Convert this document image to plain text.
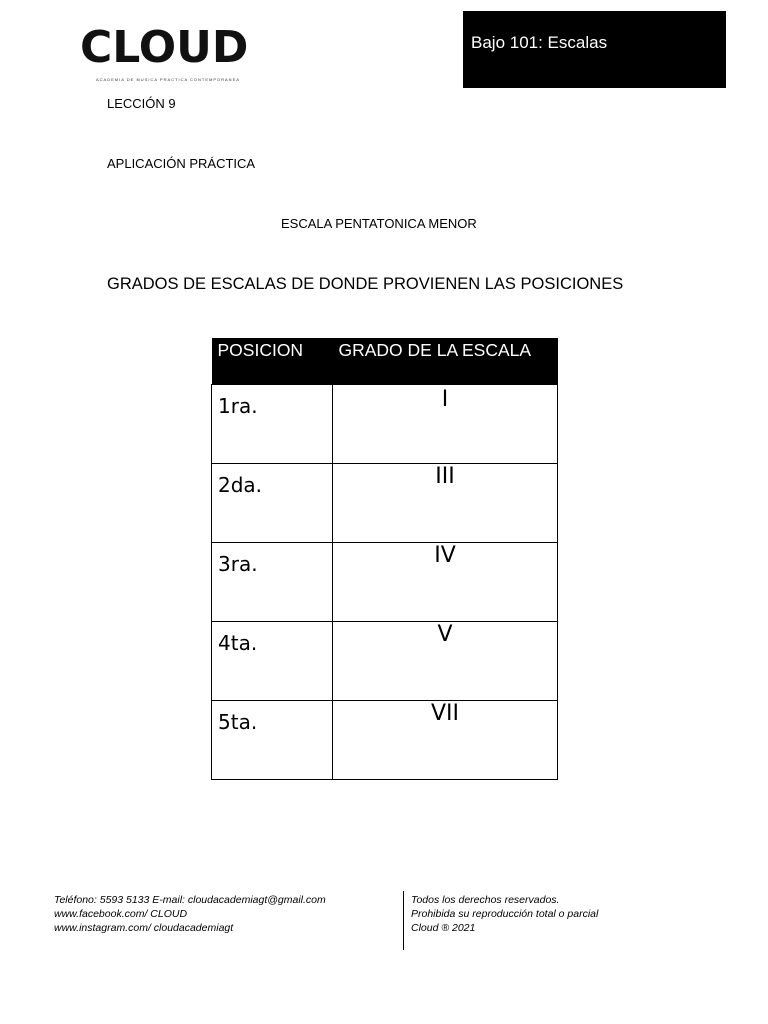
CLOUD
ACADEMIA DE MUSICA PRACTICA CONTEMPORANEA
Bajo 101: Escalas
LECCIÓN 9
APLICACIÓN PRÁCTICA
ESCALA PENTATONICA MENOR
GRADOS DE ESCALAS DE DONDE PROVIENEN LAS POSICIONES
POSICION	GRADO DE LA ESCALA
1ra.	I
2da.	III
3ra.	IV
4ta.	V
5ta.	VII
Teléfono: 5593 5133 E-mail: cloudacademiagt@gmail.com
www.facebook.com/ CLOUD
www.instagram.com/ cloudacademiagt
Todos los derechos reservados.
Prohibida su reproducción total o parcial
Cloud ® 2021
